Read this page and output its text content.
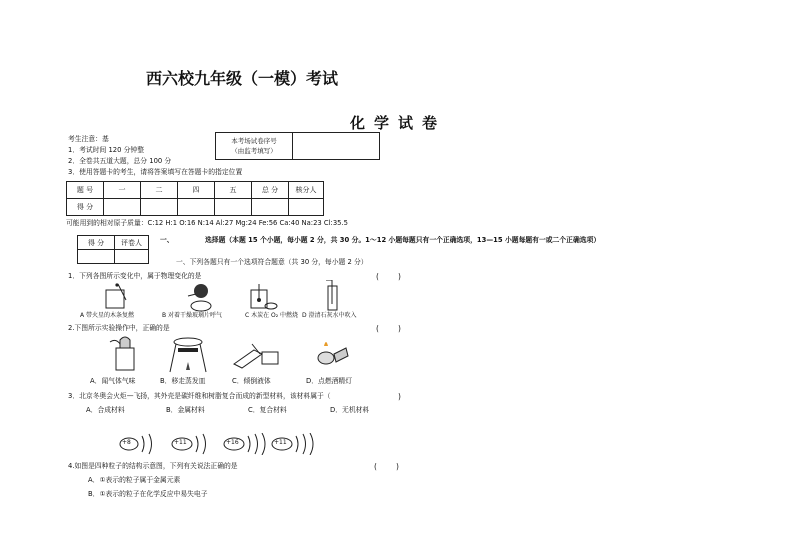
西六校九年级（一模）考试
化学试卷
考生注意：基
1．考试时间 120 分钟整
2．全卷共五道大题，总分 100 分
3．使用答题卡的考生，请将答案填写在答题卡的指定位置
本考场试卷序号
（由监考填写）

题 号	一	二	四	五	总 分	核分人
得 分						
可能用到的相对原子质量：C:12 H:1 O:16 N:14 Al:27 Mg:24 Fe:56 Ca:40 Na:23 Cl:35.5
得 分	评卷人
		一、	选择题（本题 15 个小题，每小题 2 分，共 30 分。1～12 小题每题只有一个正确选项，13—15 小题每题有一或二个正确选项）
一、下列各题只有一个选项符合题意（共 30 分，每小题 2 分）
1．下列各图所示变化中，属于物理变化的是	(        )
A 带火星的木条复燃	B 对着干燥玻璃片呼气	C 木炭在 O₂ 中燃烧 D 澄清石灰水中吹入
2.下图所示实验操作中，正确的是	(        )
A．闻气体气味	B．移走蒸发皿	C．倾倒液体	D．点燃酒精灯
3．北京冬奥会火炬—飞扬，其外壳是碳纤维和树脂复合而成的新型材料，该材料属于（	)
A．合成材料	B．金属材料	C．复合材料	D．无机材料
+8	+11	+16	+11
4.如图是四种粒子的结构示意图，下列有关说法正确的是	(        )
A．①表示的粒子属于金属元素
B．①表示的粒子在化学反应中易失电子
